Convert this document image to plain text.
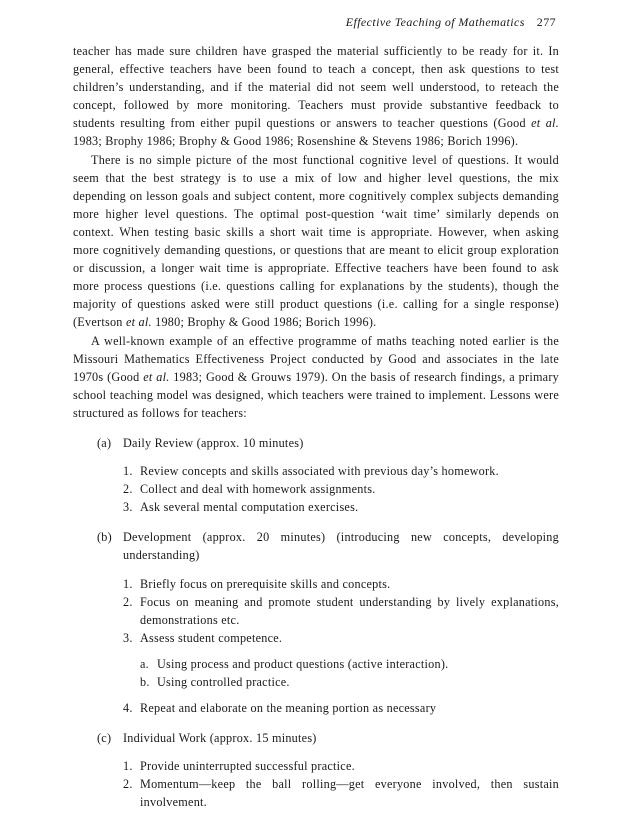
Effective Teaching of Mathematics 277

teacher has made sure children have grasped the material sufficiently to be ready for it. In general, effective teachers have been found to teach a concept, then ask questions to test children’s understanding, and if the material did not seem well understood, to reteach the concept, followed by more monitoring. Teachers must provide substantive feedback to students resulting from either pupil questions or answers to teacher questions (Good et al. 1983; Brophy 1986; Brophy & Good 1986; Rosenshine & Stevens 1986; Borich 1996).

There is no simple picture of the most functional cognitive level of questions. It would seem that the best strategy is to use a mix of low and higher level questions, the mix depending on lesson goals and subject content, more cognitively complex subjects demanding more higher level questions. The optimal post-question ‘wait time’ similarly depends on context. When testing basic skills a short wait time is appropriate. However, when asking more cognitively demanding questions, or questions that are meant to elicit group exploration or discussion, a longer wait time is appropriate. Effective teachers have been found to ask more process questions (i.e. questions calling for explanations by the students), though the majority of questions asked were still product questions (i.e. calling for a single response) (Evertson et al. 1980; Brophy & Good 1986; Borich 1996).

A well-known example of an effective programme of maths teaching noted earlier is the Missouri Mathematics Effectiveness Project conducted by Good and associates in the late 1970s (Good et al. 1983; Good & Grouws 1979). On the basis of research findings, a primary school teaching model was designed, which teachers were trained to implement. Lessons were structured as follows for teachers:

(a) Daily Review (approx. 10 minutes)
1. Review concepts and skills associated with previous day’s homework.
2. Collect and deal with homework assignments.
3. Ask several mental computation exercises.
(b) Development (approx. 20 minutes) (introducing new concepts, developing understanding)
1. Briefly focus on prerequisite skills and concepts.
2. Focus on meaning and promote student understanding by lively explanations, demonstrations etc.
3. Assess student competence.
a. Using process and product questions (active interaction).
b. Using controlled practice.
4. Repeat and elaborate on the meaning portion as necessary
(c) Individual Work (approx. 15 minutes)
1. Provide uninterrupted successful practice.
2. Momentum—keep the ball rolling—get everyone involved, then sustain involvement.
